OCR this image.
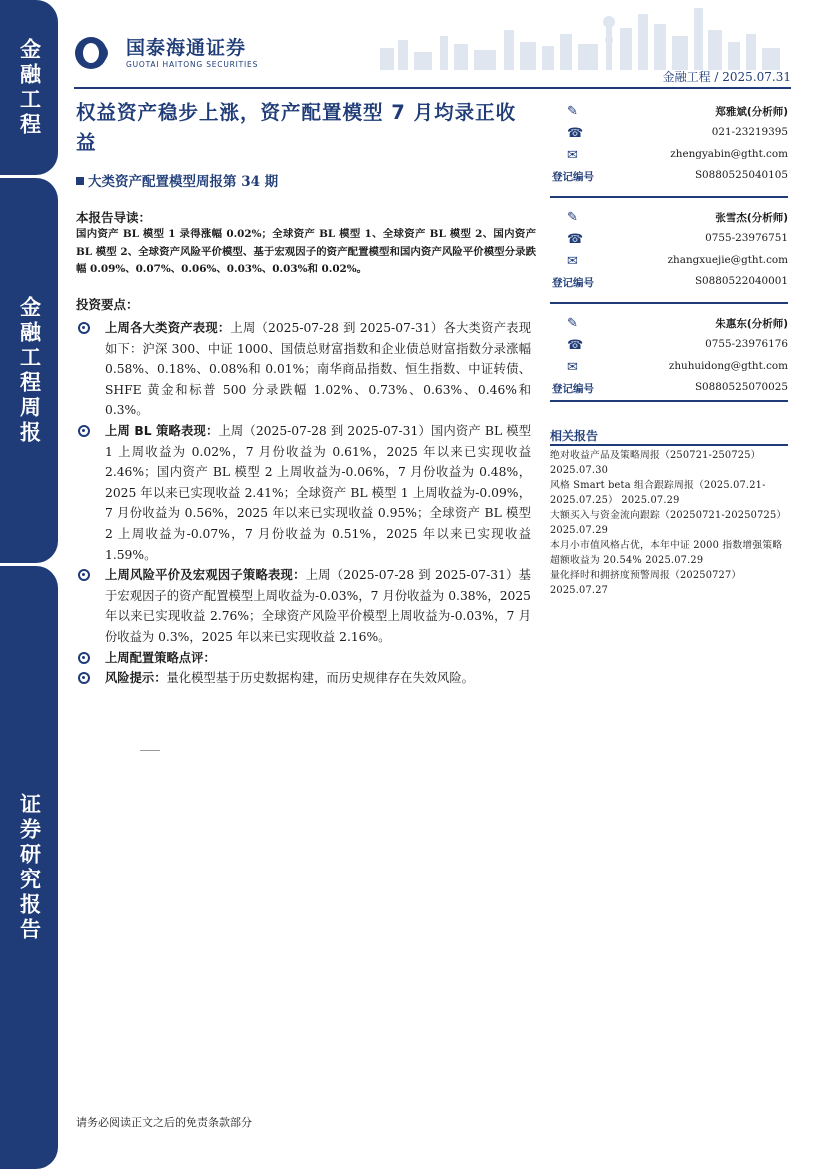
金融工程
金融工程周报
证券研究报告
国泰海通证券
GUOTAI HAITONG SECURITIES
金融工程 / 2025.07.31
权益资产稳步上涨，资产配置模型 7 月均录正收益
大类资产配置模型周报第 34 期
本报告导读：
国内资产 BL 模型 1 录得涨幅 0.02%；全球资产 BL 模型 1、全球资产 BL 模型 2、国内资产 BL 模型 2、全球资产风险平价模型、基于宏观因子的资产配置模型和国内资产风险平价模型分录跌幅 0.09%、0.07%、0.06%、0.03%、0.03%和 0.02%。
投资要点：
上周各大类资产表现：上周（2025-07-28 到 2025-07-31）各大类资产表现如下：沪深 300、中证 1000、国债总财富指数和企业债总财富指数分录涨幅 0.58%、0.18%、0.08%和 0.01%；南华商品指数、恒生指数、中证转债、SHFE 黄金和标普 500 分录跌幅 1.02%、0.73%、0.63%、0.46%和 0.3%。
上周 BL 策略表现：上周（2025-07-28 到 2025-07-31）国内资产 BL 模型 1 上周收益为 0.02%，7 月份收益为 0.61%，2025 年以来已实现收益 2.46%；国内资产 BL 模型 2 上周收益为-0.06%，7 月份收益为 0.48%，2025 年以来已实现收益 2.41%；全球资产 BL 模型 1 上周收益为-0.09%，7 月份收益为 0.56%，2025 年以来已实现收益 0.95%；全球资产 BL 模型 2 上周收益为-0.07%，7 月份收益为 0.51%，2025 年以来已实现收益 1.59%。
上周风险平价及宏观因子策略表现：上周（2025-07-28 到 2025-07-31）基于宏观因子的资产配置模型上周收益为-0.03%，7 月份收益为 0.38%，2025 年以来已实现收益 2.76%；全球资产风险平价模型上周收益为-0.03%，7 月份收益为 0.3%，2025 年以来已实现收益 2.16%。
上周配置策略点评：
风险提示：量化模型基于历史数据构建，而历史规律存在失效风险。
✎	郑雅斌(分析师)
☎	021-23219395
✉	zhengyabin@gtht.com
登记编号	S0880525040105
✎	张雪杰(分析师)
☎	0755-23976751
✉	zhangxuejie@gtht.com
登记编号	S0880522040001
✎	朱惠东(分析师)
☎	0755-23976176
✉	zhuhuidong@gtht.com
登记编号	S0880525070025
相关报告
绝对收益产品及策略周报（250721-250725）
2025.07.30
风格 Smart beta 组合跟踪周报（2025.07.21-2025.07.25） 2025.07.29
大额买入与资金流向跟踪（20250721-20250725）
2025.07.29
本月小市值风格占优，本年中证 2000 指数增强策略超额收益为 20.54% 2025.07.29
量化择时和拥挤度预警周报（20250727）
2025.07.27
请务必阅读正文之后的免责条款部分
